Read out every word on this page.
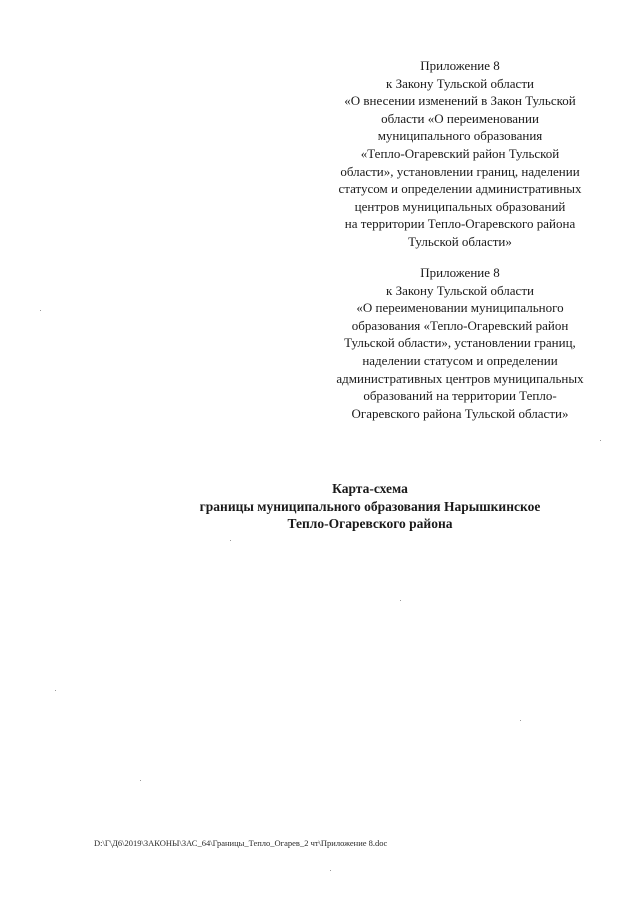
Приложение 8
к Закону Тульской области
«О внесении изменений в Закон Тульской
области «О переименовании
муниципального образования
«Тепло-Огаревский район Тульской
области», установлении границ, наделении
статусом и определении административных
центров муниципальных образований
на территории Тепло-Огаревского района
Тульской области»
Приложение 8
к Закону Тульской области
«О переименовании муниципального
образования «Тепло-Огаревский район
Тульской области», установлении границ,
наделении статусом и определении
административных центров муниципальных
образований на территории Тепло-
Огаревского района Тульской области»
Карта-схема
границы муниципального образования Нарышкинское
Тепло-Огаревского района
D:\Г\Д6\2019\ЗАКОНЫ\ЗАС_64\Границы_Тепло_Огарев_2 чт\Приложение 8.doc
